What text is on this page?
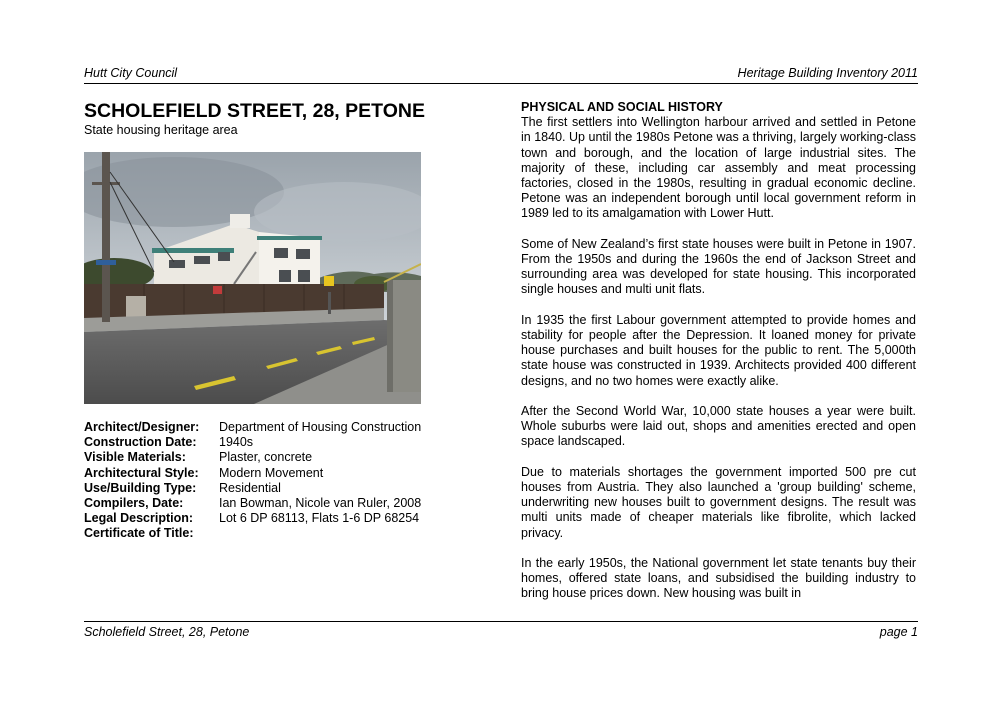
Hutt City Council	Heritage Building Inventory 2011
SCHOLEFIELD STREET, 28, PETONE
State housing heritage area
Architect/Designer:	Department of Housing Construction
Construction Date:	1940s
Visible Materials:	Plaster, concrete
Architectural Style:	Modern Movement
Use/Building Type:	Residential
Compilers, Date:	Ian Bowman, Nicole van Ruler, 2008
Legal Description:	Lot 6 DP 68113, Flats 1-6 DP 68254
Certificate of Title:
PHYSICAL AND SOCIAL HISTORY

The first settlers into Wellington harbour arrived and settled in Petone in 1840. Up until the 1980s Petone was a thriving, largely working-class town and borough, and the location of large industrial sites. The majority of these, including car assembly and meat processing factories, closed in the 1980s, resulting in gradual economic decline. Petone was an independent borough until local government reform in 1989 led to its amalgamation with Lower Hutt.

Some of New Zealand’s first state houses were built in Petone in 1907. From the 1950s and during the 1960s the end of Jackson Street and surrounding area was developed for state housing. This incorporated single houses and multi unit flats.

In 1935 the first Labour government attempted to provide homes and stability for people after the Depression. It loaned money for private house purchases and built houses for the public to rent. The 5,000th state house was constructed in 1939. Architects provided 400 different designs, and no two homes were exactly alike.

After the Second World War, 10,000 state houses a year were built. Whole suburbs were laid out, shops and amenities erected and open space landscaped.

Due to materials shortages the government imported 500 pre cut houses from Austria. They also launched a 'group building' scheme, underwriting new houses built to government designs. The result was multi units made of cheaper materials like fibrolite, which lacked privacy.

In the early 1950s, the National government let state tenants buy their homes, offered state loans, and subsidised the building industry to bring house prices down. New housing was built in

Scholefield Street, 28, Petone	page 1
